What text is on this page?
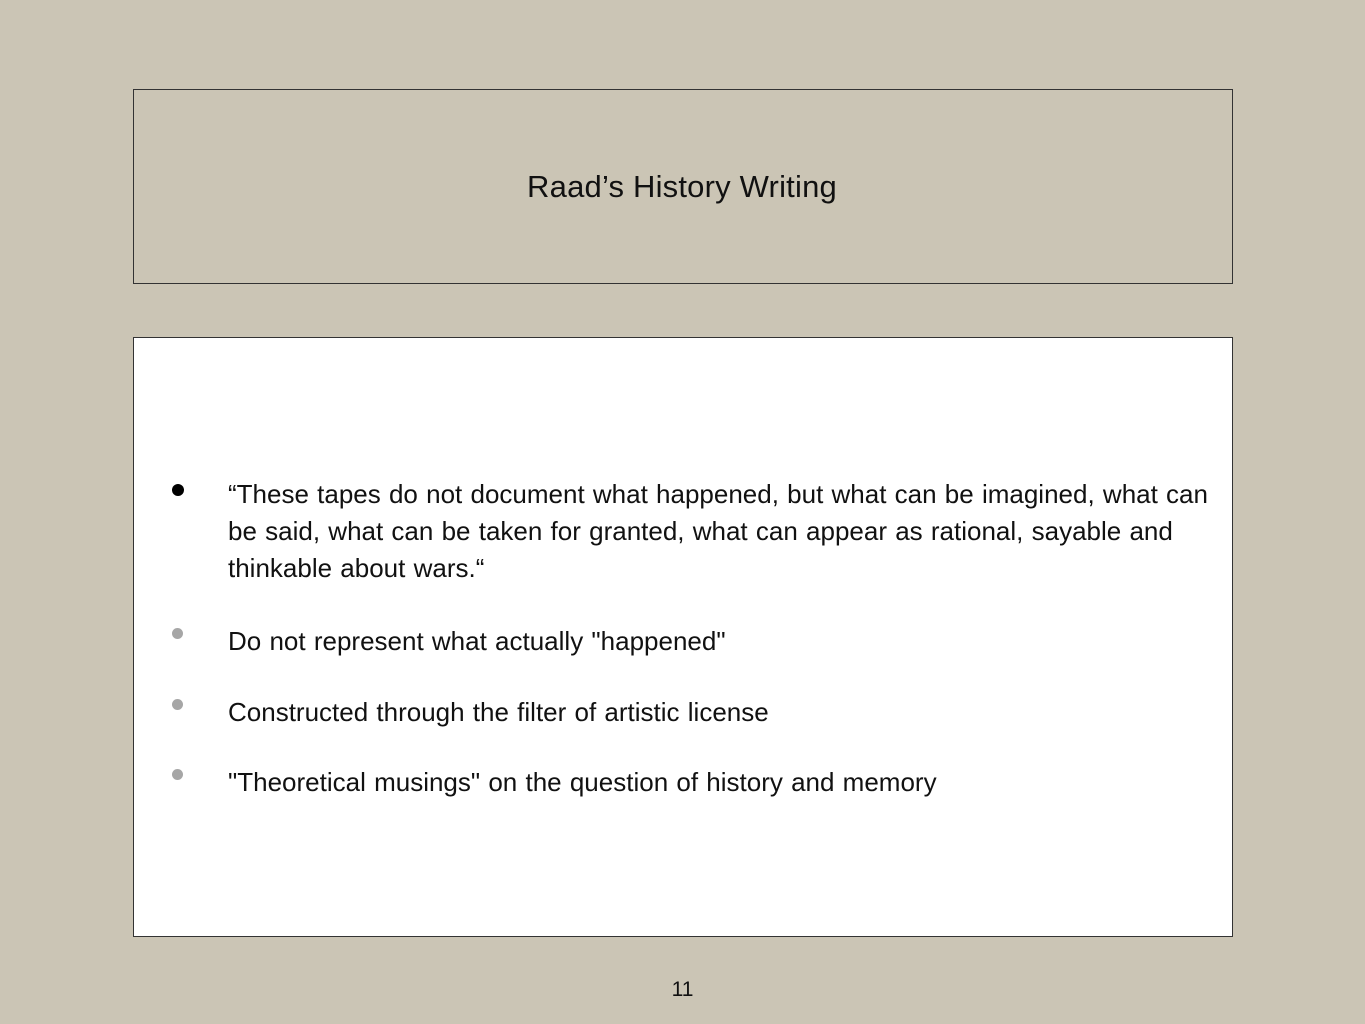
Raad’s History Writing
“These tapes do not document what happened, but what can be imagined, what can be said, what can be taken for granted, what can appear as rational, sayable and thinkable about wars.“
Do not represent what actually "happened"
Constructed through the filter of artistic license
"Theoretical musings" on the question of history and memory
11
